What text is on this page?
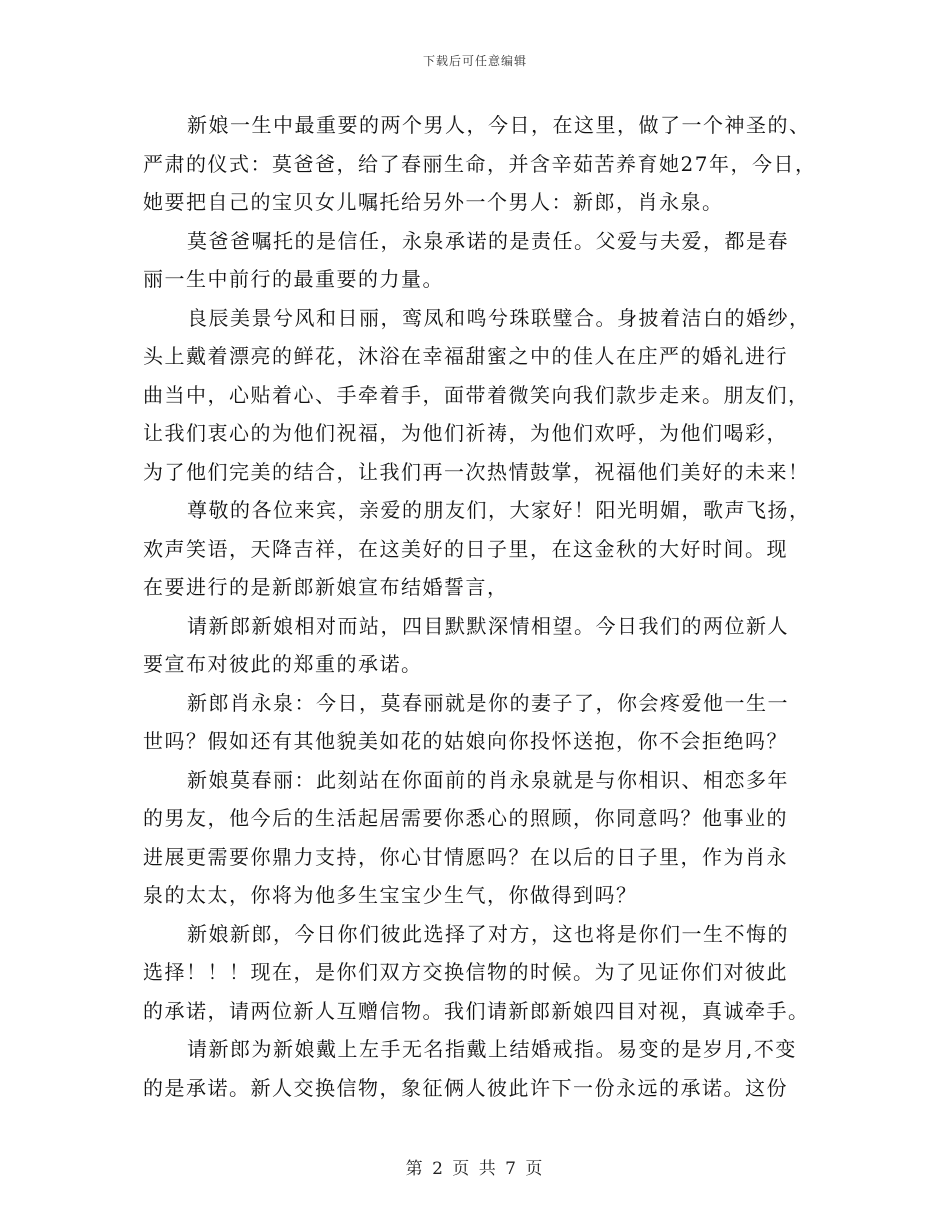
下载后可任意编辑
新娘一生中最重要的两个男人，今日，在这里，做了一个神圣的、
严肃的仪式：莫爸爸，给了春丽生命，并含辛茹苦养育她27年，今日，
她要把自己的宝贝女儿嘱托给另外一个男人：新郎，肖永泉。
莫爸爸嘱托的是信任，永泉承诺的是责任。父爱与夫爱，都是春
丽一生中前行的最重要的力量。
良辰美景兮风和日丽，鸾凤和鸣兮珠联璧合。身披着洁白的婚纱，
头上戴着漂亮的鲜花，沐浴在幸福甜蜜之中的佳人在庄严的婚礼进行
曲当中，心贴着心、手牵着手，面带着微笑向我们款步走来。朋友们，
让我们衷心的为他们祝福，为他们祈祷，为他们欢呼，为他们喝彩，
为了他们完美的结合，让我们再一次热情鼓掌，祝福他们美好的未来！
尊敬的各位来宾，亲爱的朋友们，大家好！阳光明媚，歌声飞扬，
欢声笑语，天降吉祥，在这美好的日子里，在这金秋的大好时间。现
在要进行的是新郎新娘宣布结婚誓言，
请新郎新娘相对而站，四目默默深情相望。今日我们的两位新人
要宣布对彼此的郑重的承诺。
新郎肖永泉：今日，莫春丽就是你的妻子了，你会疼爱他一生一
世吗？假如还有其他貌美如花的姑娘向你投怀送抱，你不会拒绝吗？
新娘莫春丽：此刻站在你面前的肖永泉就是与你相识、相恋多年
的男友，他今后的生活起居需要你悉心的照顾，你同意吗？他事业的
进展更需要你鼎力支持，你心甘情愿吗？在以后的日子里，作为肖永
泉的太太，你将为他多生宝宝少生气，你做得到吗？
新娘新郎，今日你们彼此选择了对方，这也将是你们一生不悔的
选择！！！现在，是你们双方交换信物的时候。为了见证你们对彼此
的承诺，请两位新人互赠信物。我们请新郎新娘四目对视，真诚牵手。
请新郎为新娘戴上左手无名指戴上结婚戒指。易变的是岁月,不变
的是承诺。新人交换信物，象征俩人彼此许下一份永远的承诺。这份
第 2 页 共 7 页
